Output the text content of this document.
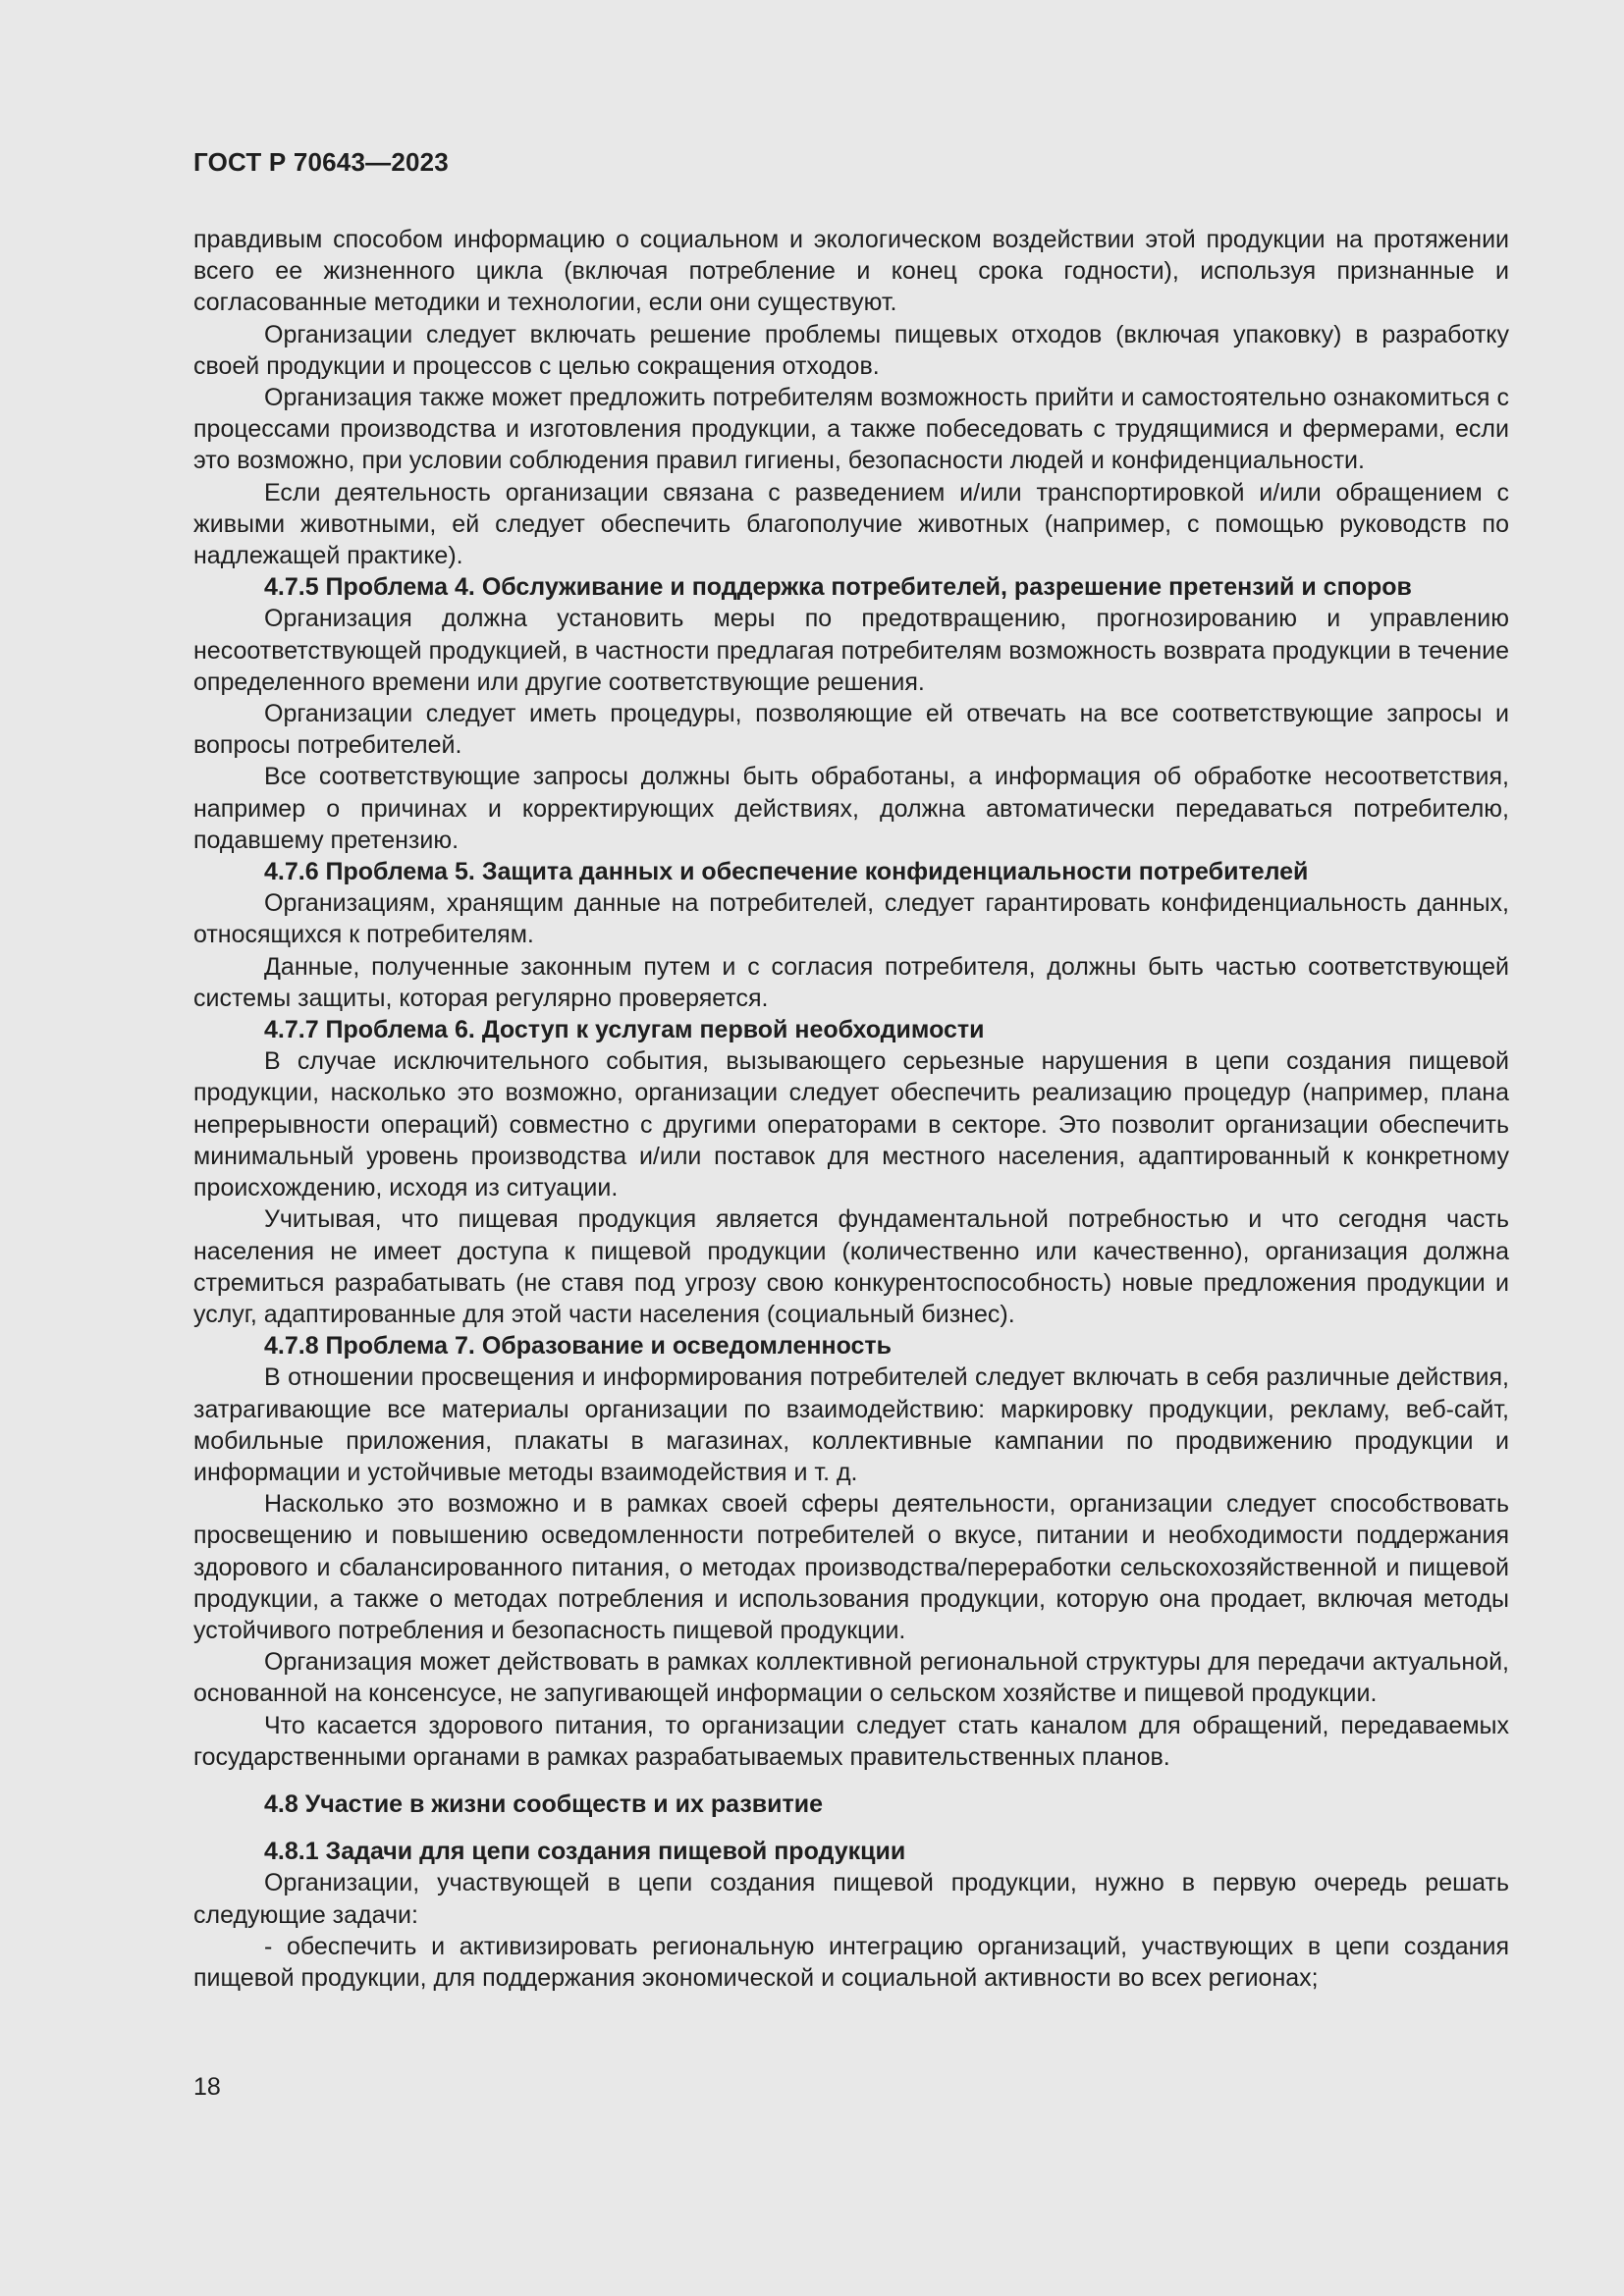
ГОСТ Р 70643—2023

правдивым способом информацию о социальном и экологическом воздействии этой продукции на протяжении всего ее жизненного цикла (включая потребление и конец срока годности), используя признанные и согласованные методики и технологии, если они существуют.

Организации следует включать решение проблемы пищевых отходов (включая упаковку) в разработку своей продукции и процессов с целью сокращения отходов.

Организация также может предложить потребителям возможность прийти и самостоятельно ознакомиться с процессами производства и изготовления продукции, а также побеседовать с трудящимися и фермерами, если это возможно, при условии соблюдения правил гигиены, безопасности людей и конфиденциальности.

Если деятельность организации связана с разведением и/или транспортировкой и/или обращением с живыми животными, ей следует обеспечить благополучие животных (например, с помощью руководств по надлежащей практике).

4.7.5 Проблема 4. Обслуживание и поддержка потребителей, разрешение претензий и споров

Организация должна установить меры по предотвращению, прогнозированию и управлению несоответствующей продукцией, в частности предлагая потребителям возможность возврата продукции в течение определенного времени или другие соответствующие решения.

Организации следует иметь процедуры, позволяющие ей отвечать на все соответствующие запросы и вопросы потребителей.

Все соответствующие запросы должны быть обработаны, а информация об обработке несоответствия, например о причинах и корректирующих действиях, должна автоматически передаваться потребителю, подавшему претензию.

4.7.6 Проблема 5. Защита данных и обеспечение конфиденциальности потребителей

Организациям, хранящим данные на потребителей, следует гарантировать конфиденциальность данных, относящихся к потребителям.

Данные, полученные законным путем и с согласия потребителя, должны быть частью соответствующей системы защиты, которая регулярно проверяется.

4.7.7 Проблема 6. Доступ к услугам первой необходимости

В случае исключительного события, вызывающего серьезные нарушения в цепи создания пищевой продукции, насколько это возможно, организации следует обеспечить реализацию процедур (например, плана непрерывности операций) совместно с другими операторами в секторе. Это позволит организации обеспечить минимальный уровень производства и/или поставок для местного населения, адаптированный к конкретному происхождению, исходя из ситуации.

Учитывая, что пищевая продукция является фундаментальной потребностью и что сегодня часть населения не имеет доступа к пищевой продукции (количественно или качественно), организация должна стремиться разрабатывать (не ставя под угрозу свою конкурентоспособность) новые предложения продукции и услуг, адаптированные для этой части населения (социальный бизнес).

4.7.8 Проблема 7. Образование и осведомленность

В отношении просвещения и информирования потребителей следует включать в себя различные действия, затрагивающие все материалы организации по взаимодействию: маркировку продукции, рекламу, веб-сайт, мобильные приложения, плакаты в магазинах, коллективные кампании по продвижению продукции и информации и устойчивые методы взаимодействия и т. д.

Насколько это возможно и в рамках своей сферы деятельности, организации следует способствовать просвещению и повышению осведомленности потребителей о вкусе, питании и необходимости поддержания здорового и сбалансированного питания, о методах производства/переработки сельскохозяйственной и пищевой продукции, а также о методах потребления и использования продукции, которую она продает, включая методы устойчивого потребления и безопасность пищевой продукции.

Организация может действовать в рамках коллективной региональной структуры для передачи актуальной, основанной на консенсусе, не запугивающей информации о сельском хозяйстве и пищевой продукции.

Что касается здорового питания, то организации следует стать каналом для обращений, передаваемых государственными органами в рамках разрабатываемых правительственных планов.

4.8 Участие в жизни сообществ и их развитие

4.8.1 Задачи для цепи создания пищевой продукции

Организации, участвующей в цепи создания пищевой продукции, нужно в первую очередь решать следующие задачи:

- обеспечить и активизировать региональную интеграцию организаций, участвующих в цепи создания пищевой продукции, для поддержания экономической и социальной активности во всех регионах;

18
